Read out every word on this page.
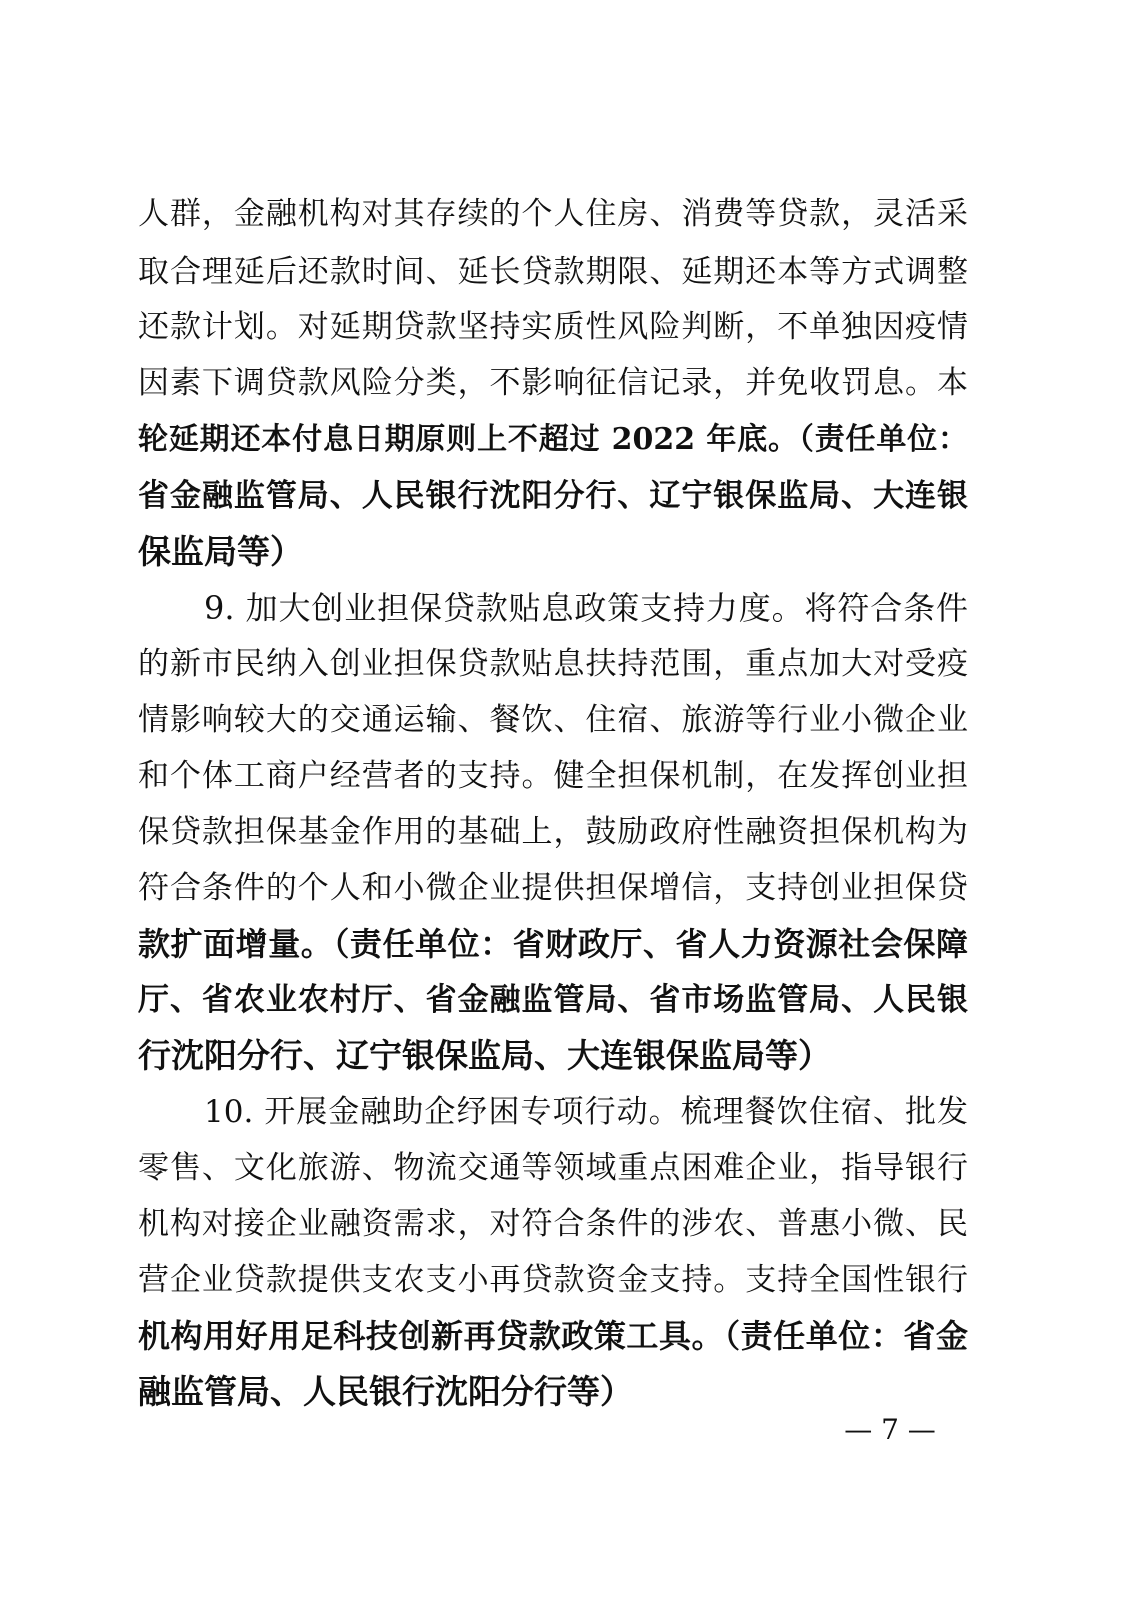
人群，金融机构对其存续的个人住房、消费等贷款，灵活采
取合理延后还款时间、延长贷款期限、延期还本等方式调整
还款计划。对延期贷款坚持实质性风险判断，不单独因疫情
因素下调贷款风险分类，不影响征信记录，并免收罚息。本
轮延期还本付息日期原则上不超过 2022 年底。（责任单位：
省金融监管局、人民银行沈阳分行、辽宁银保监局、大连银
保监局等）
9. 加大创业担保贷款贴息政策支持力度。将符合条件
的新市民纳入创业担保贷款贴息扶持范围，重点加大对受疫
情影响较大的交通运输、餐饮、住宿、旅游等行业小微企业
和个体工商户经营者的支持。健全担保机制，在发挥创业担
保贷款担保基金作用的基础上，鼓励政府性融资担保机构为
符合条件的个人和小微企业提供担保增信，支持创业担保贷
款扩面增量。（责任单位：省财政厅、省人力资源社会保障
厅、省农业农村厅、省金融监管局、省市场监管局、人民银
行沈阳分行、辽宁银保监局、大连银保监局等）
10. 开展金融助企纾困专项行动。梳理餐饮住宿、批发
零售、文化旅游、物流交通等领域重点困难企业，指导银行
机构对接企业融资需求，对符合条件的涉农、普惠小微、民
营企业贷款提供支农支小再贷款资金支持。支持全国性银行
机构用好用足科技创新再贷款政策工具。（责任单位：省金
融监管局、人民银行沈阳分行等）
— 7 —
